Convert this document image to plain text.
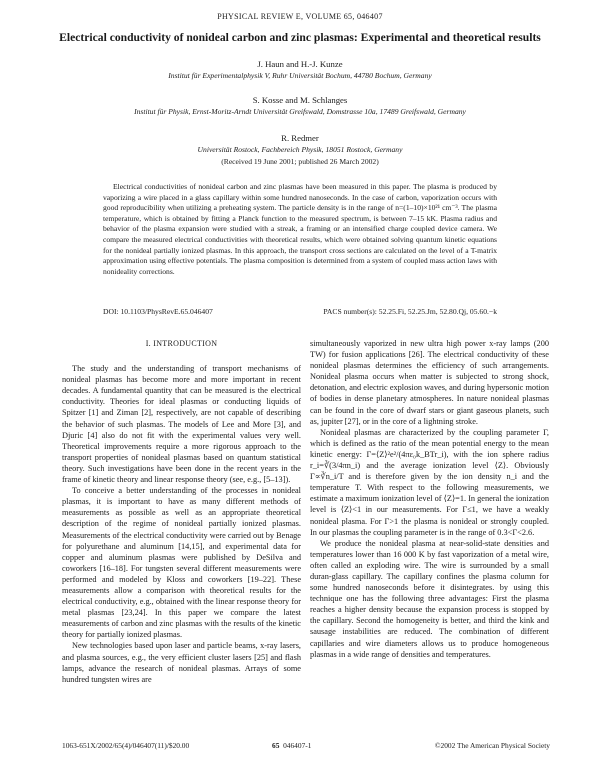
PHYSICAL REVIEW E, VOLUME 65, 046407
Electrical conductivity of nonideal carbon and zinc plasmas: Experimental and theoretical results
J. Haun and H.-J. Kunze
Institut für Experimentalphysik V, Ruhr Universität Bochum, 44780 Bochum, Germany
S. Kosse and M. Schlanges
Institut für Physik, Ernst-Moritz-Arndt Universität Greifswald, Domstrasse 10a, 17489 Greifswald, Germany
R. Redmer
Universität Rostock, Fachbereich Physik, 18051 Rostock, Germany
(Received 19 June 2001; published 26 March 2002)

Electrical conductivities of nonideal carbon and zinc plasmas have been measured in this paper. The plasma is produced by vaporizing a wire placed in a glass capillary within some hundred nanoseconds. In the case of carbon, vaporization occurs with good reproducibility when utilizing a preheating system. The particle density is in the range of n=(1–10)×10²¹ cm⁻³. The plasma temperature, which is obtained by fitting a Planck function to the measured spectrum, is between 7–15 kK. Plasma radius and behavior of the plasma expansion were studied with a streak, a framing or an intensified charge coupled device camera. We compare the measured electrical conductivities with theoretical results, which were obtained solving quantum kinetic equations for the nonideal partially ionized plasmas. In this approach, the transport cross sections are calculated on the level of a T-matrix approximation using effective potentials. The plasma composition is determined from a system of coupled mass action laws with nonideality corrections.

DOI: 10.1103/PhysRevE.65.046407	PACS number(s): 52.25.Fi, 52.25.Jm, 52.80.Qj, 05.60.−k
I. INTRODUCTION

The study and the understanding of transport mechanisms of nonideal plasmas has become more and more important in recent decades. A fundamental quantity that can be measured is the electrical conductivity. Theories for ideal plasmas or conducting liquids of Spitzer [1] and Ziman [2], respectively, are not capable of describing the behavior of such plasmas. The models of Lee and More [3], and Djuric [4] also do not fit with the experimental values very well. Theoretical improvements require a more rigorous approach to the transport properties of nonideal plasmas based on quantum statistical theory. Such investigations have been done in the recent years in the frame of kinetic theory and linear response theory (see, e.g., [5–13]).

To conceive a better understanding of the processes in nonideal plasmas, it is important to have as many different methods of measurements as possible as well as an appropriate theoretical description of the regime of nonideal partially ionized plasmas. Measurements of the electrical conductivity were carried out by Benage for polyurethane and aluminum [14,15], and experimental data for copper and aluminum plasmas were published by DeSilva and coworkers [16–18]. For tungsten several different measurements were performed and modeled by Kloss and coworkers [19–22]. These measurements allow a comparison with theoretical results for the electrical conductivity, e.g., obtained with the linear response theory for metal plasmas [23,24]. In this paper we compare the latest measurements of carbon and zinc plasmas with the results of the kinetic theory for partially ionized plasmas.

New technologies based upon laser and particle beams, x-ray lasers, and plasma sources, e.g., the very efficient cluster lasers [25] and flash lamps, advance the research of nonideal plasmas. Arrays of some hundred tungsten wires are

simultaneously vaporized in new ultra high power x-ray lamps (200 TW) for fusion applications [26]. The electrical conductivity of these nonideal plasmas determines the efficiency of such arrangements. Nonideal plasma occurs when matter is subjected to strong shock, detonation, and electric explosion waves, and during hypersonic motion of bodies in dense planetary atmospheres. In nature nonideal plasmas can be found in the core of dwarf stars or giant gaseous planets, such as, jupiter [27], or in the core of a lightning stroke.

Nonideal plasmas are characterized by the coupling parameter Γ, which is defined as the ratio of the mean potential energy to the mean kinetic energy: Γ=⟨Z⟩²e²/(4πε₀k_BTr_i), with the ion sphere radius r_i=∛(3/4πn_i) and the average ionization level ⟨Z⟩. Obviously Γ∝∛n_i/T and is therefore given by the ion density n_i and the temperature T. With respect to the following measurements, we estimate a maximum ionization level of ⟨Z⟩=1. In general the ionization level is ⟨Z⟩<1 in our measurements. For Γ≤1, we have a weakly nonideal plasma. For Γ>1 the plasma is nonideal or strongly coupled. In our plasmas the coupling parameter is in the range of 0.3<Γ<2.6.

We produce the nonideal plasma at near-solid-state densities and temperatures lower than 16 000 K by fast vaporization of a metal wire, often called an exploding wire. The wire is surrounded by a small duran-glass capillary. The capillary confines the plasma column for some hundred nanoseconds before it disintegrates. by using this technique one has the following three advantages: First the plasma reaches a higher density because the expansion process is stopped by the capillary. Second the homogeneity is better, and third the kink and sausage instabilities are reduced. The combination of different capillaries and wire diameters allows us to produce homogeneous plasmas in a wide range of densities and temperatures.

1063-651X/2002/65(4)/046407(11)/$20.00	65 046407-1	©2002 The American Physical Society
